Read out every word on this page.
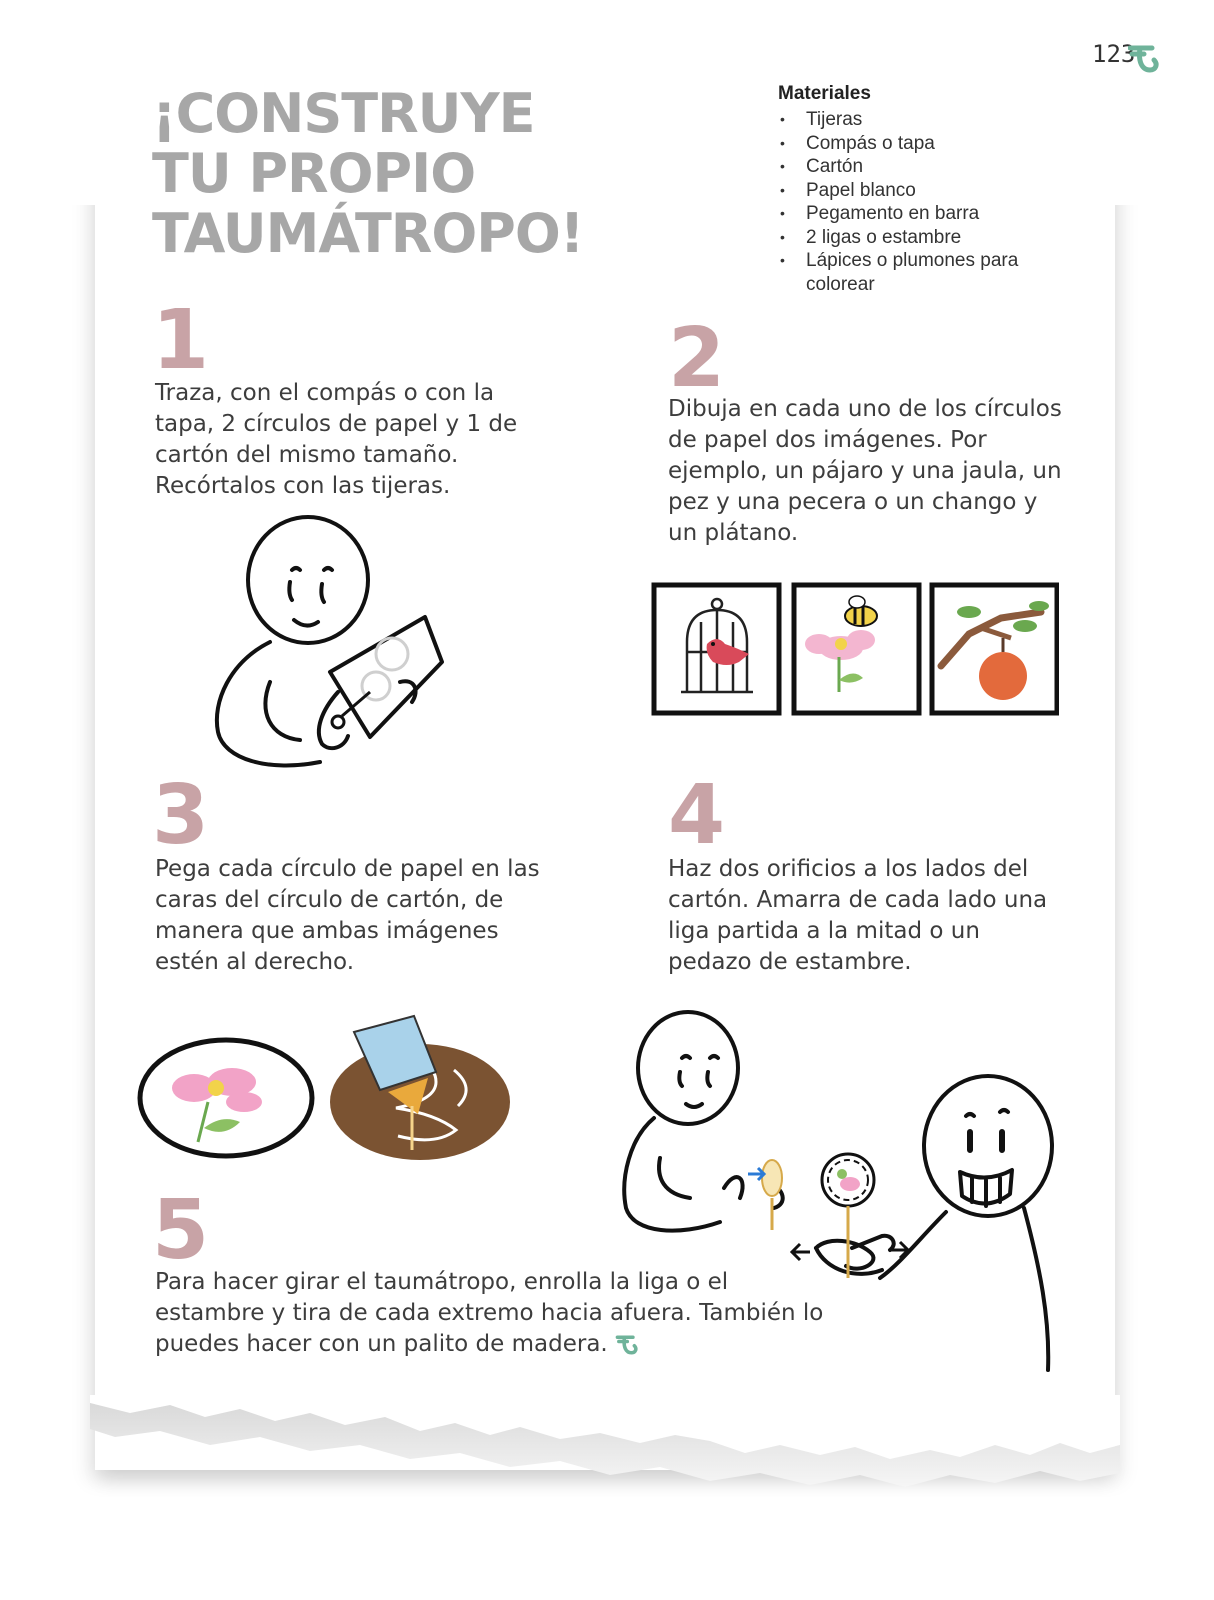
123
¡CONSTRUYE
TU PROPIO
TAUMÁTROPO!
Materiales
• Tijeras
• Compás o tapa
• Cartón
• Papel blanco
• Pegamento en barra
• 2 ligas o estambre
• Lápices o plumones para colorear
1

Traza, con el compás o con la tapa, 2 círculos de papel y 1 de cartón del mismo tamaño. Recórtalos con las tijeras.

2

Dibuja en cada uno de los círculos de papel dos imágenes. Por ejemplo, un pájaro y una jaula, un pez y una pecera o un chango y un plátano.

3

Pega cada círculo de papel en las caras del círculo de cartón, de manera que ambas imágenes estén al derecho.

4

Haz dos orificios a los lados del cartón. Amarra de cada lado una liga partida a la mitad o un pedazo de estambre.

5

Para hacer girar el taumátropo, enrolla la liga o el estambre y tira de cada extremo hacia afuera. También lo puedes hacer con un palito de madera.
